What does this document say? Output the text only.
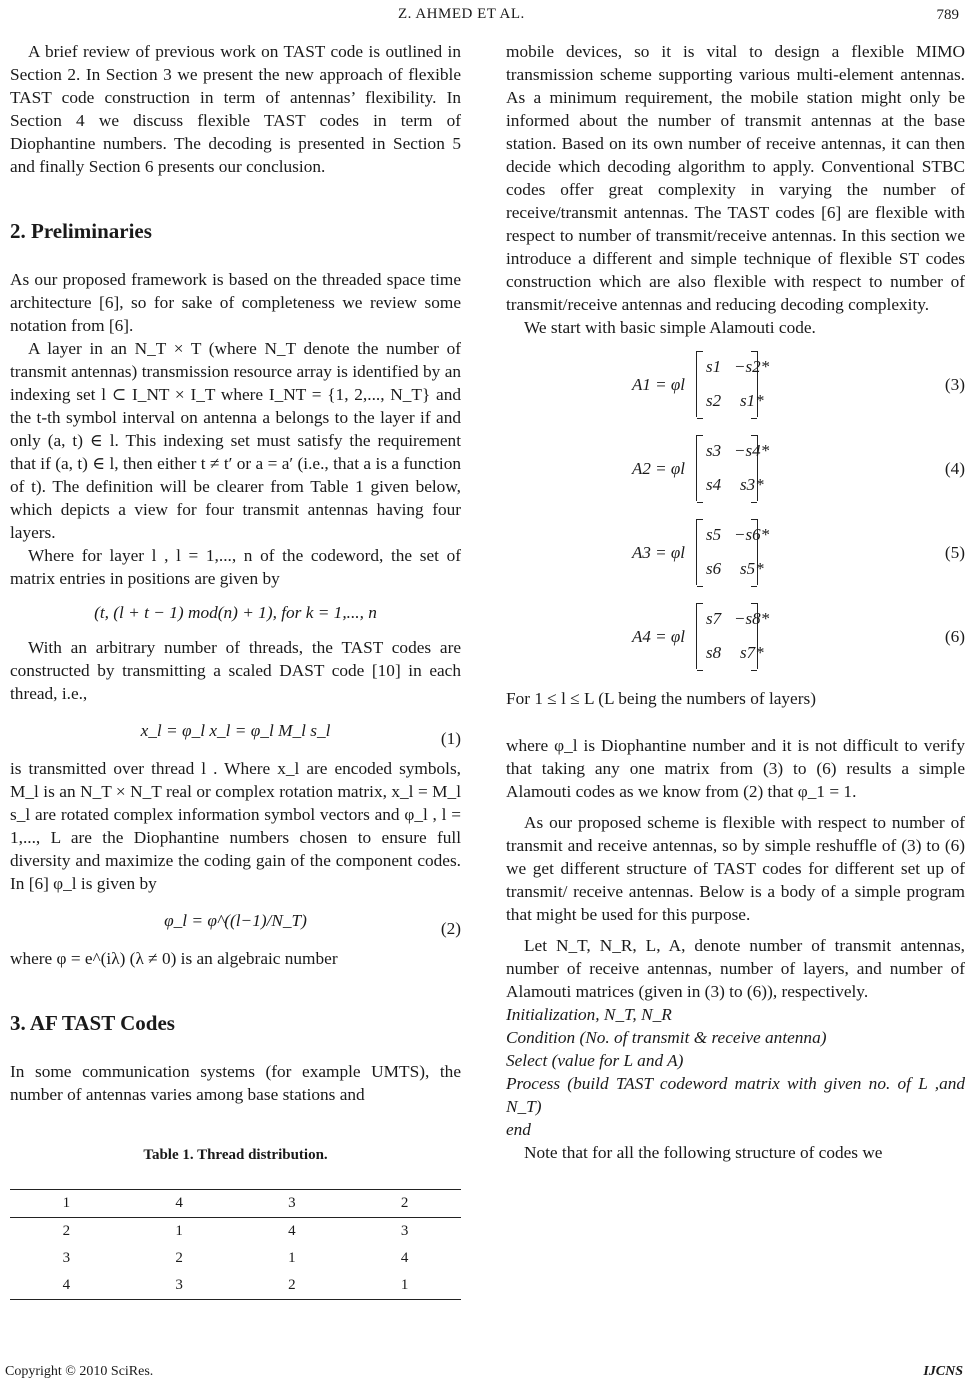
Z. AHMED ET AL.	789

A brief review of previous work on TAST code is outlined in Section 2. In Section 3 we present the new approach of flexible TAST code construction in term of antennas’ flexibility. In Section 4 we discuss flexible TAST codes in term of Diophantine numbers. The decoding is presented in Section 5 and finally Section 6 presents our conclusion.

2. Preliminaries

As our proposed framework is based on the threaded space time architecture [6], so for sake of completeness we review some notation from [6].

A layer in an N_T × T (where N_T denote the number of transmit antennas) transmission resource array is identified by an indexing set l ⊂ I_NT × I_T where I_NT = {1, 2,..., N_T} and the t-th symbol interval on antenna a belongs to the layer if and only (a, t) ∈ l. This indexing set must satisfy the requirement that if (a, t) ∈ l, then either t ≠ t′ or a = a′ (i.e., that a is a function of t). The definition will be clearer from Table 1 given below, which depicts a view for four transmit antennas having four layers.

Where for layer l , l = 1,..., n of the codeword, the set of matrix entries in positions are given by

(t, (l + t − 1) mod(n) + 1), for k = 1,..., n

With an arbitrary number of threads, the TAST codes are constructed by transmitting a scaled DAST code [10] in each thread, i.e.,

x_l = φ_l x_l = φ_l M_l s_l	(1)

is transmitted over thread l . Where x_l are encoded symbols, M_l is an N_T × N_T real or complex rotation matrix, x_l = M_l s_l are rotated complex information symbol vectors and φ_l , l = 1,..., L are the Diophantine numbers chosen to ensure full diversity and maximize the coding gain of the component codes. In [6] φ_l is given by

φ_l = φ^((l−1)/N_T)	(2)

where φ = e^(iλ) (λ ≠ 0) is an algebraic number

3. AF TAST Codes

In some communication systems (for example UMTS), the number of antennas varies among base stations and

Table 1. Thread distribution.
1	4	3	2
2	1	4	3
3	2	1	4
4	3	2	1

mobile devices, so it is vital to design a flexible MIMO transmission scheme supporting various multi-element antennas. As a minimum requirement, the mobile station might only be informed about the number of transmit antennas at the base station. Based on its own number of receive antennas, it can then decide which decoding algorithm to apply. Conventional STBC codes offer great complexity in varying the number of receive/transmit antennas. The TAST codes [6] are flexible with respect to number of transmit/receive antennas. In this section we introduce a different and simple technique of flexible ST codes construction which are also flexible with respect to number of transmit/receive antennas and reducing decoding complexity.

We start with basic simple Alamouti code.

A1 = φl
s1 −s2*
s2 s1*
(3)
A2 = φl
s3 −s4*
s4 s3*
(4)
A3 = φl
s5 −s6*
s6 s5*
(5)
A4 = φl
s7 −s8*
s8 s7*
(6)

For 1 ≤ l ≤ L (L being the numbers of layers)

where φ_l is Diophantine number and it is not difficult to verify that taking any one matrix from (3) to (6) results a simple Alamouti codes as we know from (2) that φ_1 = 1.

As our proposed scheme is flexible with respect to number of transmit and receive antennas, so by simple reshuffle of (3) to (6) we get different structure of TAST codes for different set up of transmit/ receive antennas. Below is a body of a simple program that might be used for this purpose.

Let N_T, N_R, L, A, denote number of transmit antennas, number of receive antennas, number of layers, and number of Alamouti matrices (given in (3) to (6)), respectively.

Initialization, N_T, N_R

Condition (No. of transmit & receive antenna)

Select (value for L and A)

Process (build TAST codeword matrix with given no. of L ,and N_T)

end

Note that for all the following structure of codes we

Copyright © 2010 SciRes.	IJCNS
